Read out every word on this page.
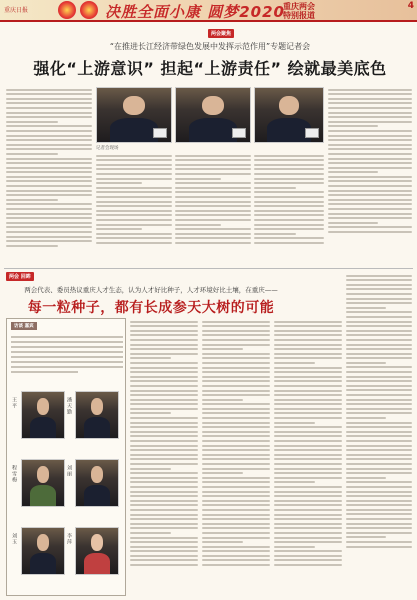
重庆日报	决胜全面小康 圆梦2020
重庆两会
特别报道
4
两会聚焦
“在推进长江经济带绿色发展中发挥示范作用”专题记者会
强化“上游意识” 担起“上游责任” 绘就最美底色
记者会现场
两会 回眸
两会代表、委员热议重庆人才生态，认为人才好比种子，人才环境好比土壤，在重庆——
每一粒种子，都有长成参天大树的可能
访谈 嘉宾
王平	潘天勤
程雪梅	刘丽
刘玉	李萍
